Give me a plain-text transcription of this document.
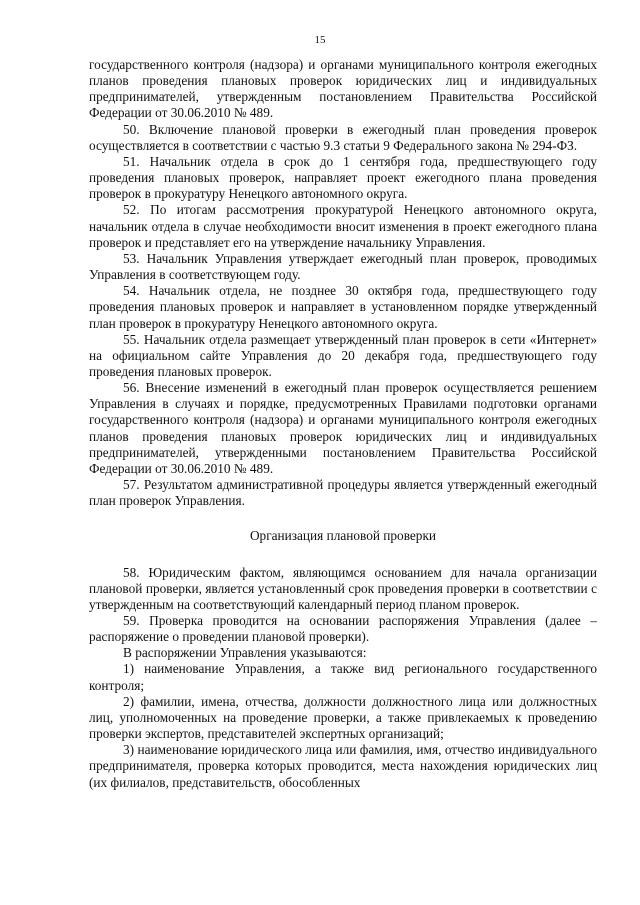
15

государственного контроля (надзора) и органами муниципального контроля ежегодных планов проведения плановых проверок юридических лиц и индивидуальных предпринимателей, утвержденным постановлением Правительства Российской Федерации от 30.06.2010 № 489.

50. Включение плановой проверки в ежегодный план проведения проверок осуществляется в соответствии с частью 9.3 статьи 9 Федерального закона № 294-ФЗ.

51. Начальник отдела в срок до 1 сентября года, предшествующего году проведения плановых проверок, направляет проект ежегодного плана проведения проверок в прокуратуру Ненецкого автономного округа.

52. По итогам рассмотрения прокуратурой Ненецкого автономного округа, начальник отдела в случае необходимости вносит изменения в проект ежегодного плана проверок и представляет его на утверждение начальнику Управления.

53. Начальник Управления утверждает ежегодный план проверок, проводимых Управления в соответствующем году.

54. Начальник отдела, не позднее 30 октября года, предшествующего году проведения плановых проверок и направляет в установленном порядке утвержденный план проверок в прокуратуру Ненецкого автономного округа.

55. Начальник отдела размещает утвержденный план проверок в сети «Интернет» на официальном сайте Управления до 20 декабря года, предшествующего году проведения плановых проверок.

56. Внесение изменений в ежегодный план проверок осуществляется решением Управления в случаях и порядке, предусмотренных Правилами подготовки органами государственного контроля (надзора) и органами муниципального контроля ежегодных планов проведения плановых проверок юридических лиц и индивидуальных предпринимателей, утвержденными постановлением Правительства Российской Федерации от 30.06.2010 № 489.

57. Результатом административной процедуры является утвержденный ежегодный план проверок Управления.

Организация плановой проверки

58. Юридическим фактом, являющимся основанием для начала организации плановой проверки, является установленный срок проведения проверки в соответствии с утвержденным на соответствующий календарный период планом проверок.

59. Проверка проводится на основании распоряжения Управления (далее – распоряжение о проведении плановой проверки).

В распоряжении Управления указываются:

1) наименование Управления, а также вид регионального государственного контроля;

2) фамилии, имена, отчества, должности должностного лица или должностных лиц, уполномоченных на проведение проверки, а также привлекаемых к проведению проверки экспертов, представителей экспертных организаций;

3) наименование юридического лица или фамилия, имя, отчество индивидуального предпринимателя, проверка которых проводится, места нахождения юридических лиц (их филиалов, представительств, обособленных
